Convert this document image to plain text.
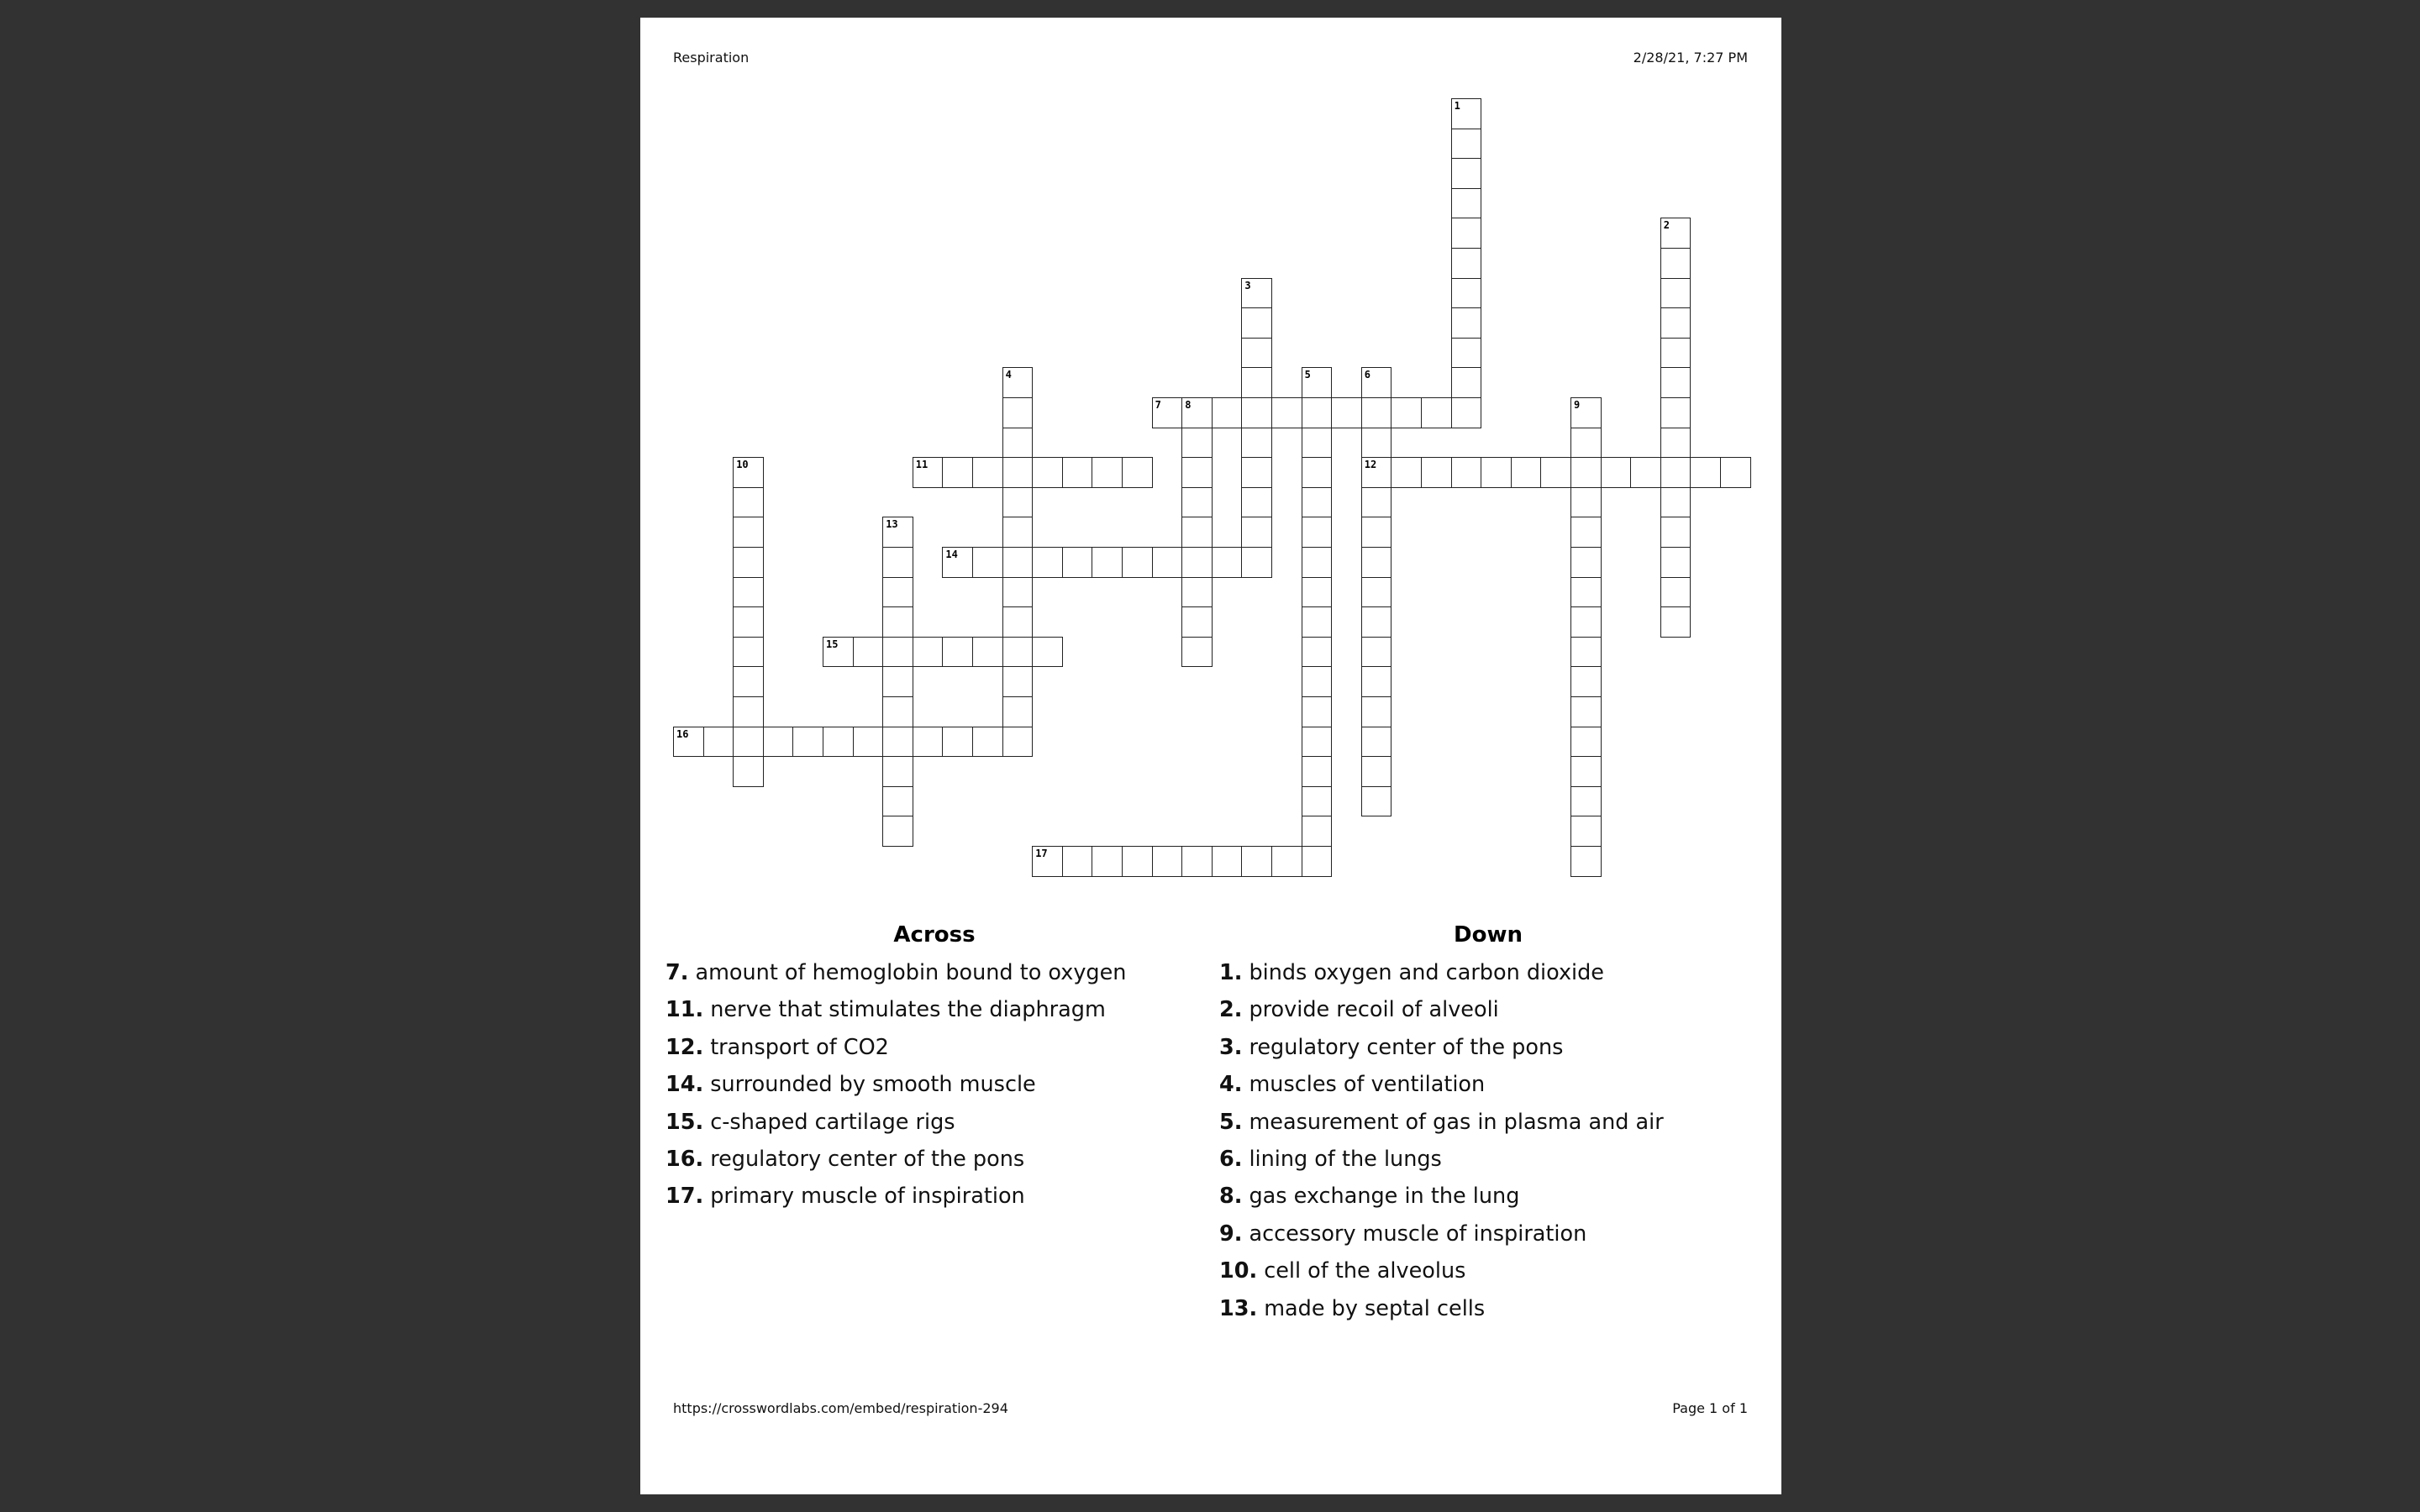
Respiration	2/28/21, 7:27 PM
1
2
3
4	5	6
12
7 8	9
10	11
13
14
15
16
17
Across
7. amount of hemoglobin bound to oxygen
11. nerve that stimulates the diaphragm
12. transport of CO2
14. surrounded by smooth muscle
15. c-shaped cartilage rigs
16. regulatory center of the pons
17. primary muscle of inspiration
Down
1. binds oxygen and carbon dioxide
2. provide recoil of alveoli
3. regulatory center of the pons
4. muscles of ventilation
5. measurement of gas in plasma and air
6. lining of the lungs
8. gas exchange in the lung
9. accessory muscle of inspiration
10. cell of the alveolus
13. made by septal cells
https://crosswordlabs.com/embed/respiration-294	Page 1 of 1
